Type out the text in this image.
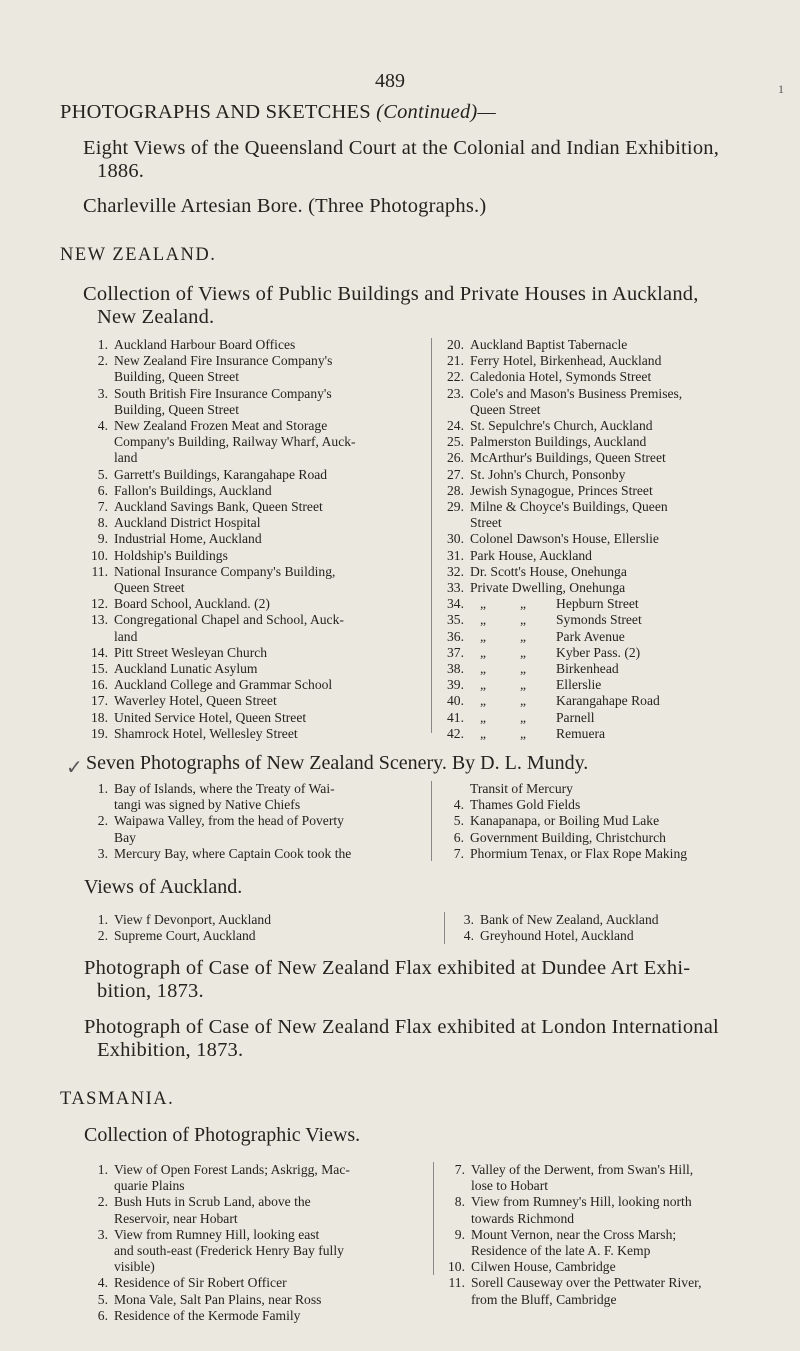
489	1
✓
PHOTOGRAPHS AND SKETCHES (Continued)—
Eight Views of the Queensland Court at the Colonial and Indian Exhibition,
1886.
Charleville Artesian Bore. (Three Photographs.)
NEW ZEALAND.
Collection of Views of Public Buildings and Private Houses in Auckland,
New Zealand.
1. Auckland Harbour Board Offices
2. New Zealand Fire Insurance Company's
Building, Queen Street
3. South British Fire Insurance Company's
Building, Queen Street
4. New Zealand Frozen Meat and Storage
Company's Building, Railway Wharf, Auck-
land
5. Garrett's Buildings, Karangahape Road
6. Fallon's Buildings, Auckland
7. Auckland Savings Bank, Queen Street
8. Auckland District Hospital
9. Industrial Home, Auckland
10. Holdship's Buildings
11. National Insurance Company's Building,
Queen Street
12. Board School, Auckland. (2)
13. Congregational Chapel and School, Auck-
land
14. Pitt Street Wesleyan Church
15. Auckland Lunatic Asylum
16. Auckland College and Grammar School
17. Waverley Hotel, Queen Street
18. United Service Hotel, Queen Street
19. Shamrock Hotel, Wellesley Street
20. Auckland Baptist Tabernacle
21. Ferry Hotel, Birkenhead, Auckland
22. Caledonia Hotel, Symonds Street
23. Cole's and Mason's Business Premises,
Queen Street
24. St. Sepulchre's Church, Auckland
25. Palmerston Buildings, Auckland
26. McArthur's Buildings, Queen Street
27. St. John's Church, Ponsonby
28. Jewish Synagogue, Princes Street
29. Milne & Choyce's Buildings, Queen
Street
30. Colonel Dawson's House, Ellerslie
31. Park House, Auckland
32. Dr. Scott's House, Onehunga
33. Private Dwelling, Onehunga
34.	„	„	Hepburn Street
35.	„	„	Symonds Street
36.	„	„	Park Avenue
37.	„	„	Kyber Pass. (2)
38.	„	„	Birkenhead
39.	„	„	Ellerslie
40.	„	„	Karangahape Road
41.	„	„	Parnell
42.	„	„	Remuera
Seven Photographs of New Zealand Scenery. By D. L. Mundy.
1. Bay of Islands, where the Treaty of Wai-
tangi was signed by Native Chiefs
2. Waipawa Valley, from the head of Poverty
Bay
3. Mercury Bay, where Captain Cook took the
Transit of Mercury
4. Thames Gold Fields
5. Kanapanapa, or Boiling Mud Lake
6. Government Building, Christchurch
7. Phormium Tenax, or Flax Rope Making
Views of Auckland.
1. View f Devonport, Auckland
2. Supreme Court, Auckland
3. Bank of New Zealand, Auckland
4. Greyhound Hotel, Auckland
Photograph of Case of New Zealand Flax exhibited at Dundee Art Exhi-
bition, 1873.
Photograph of Case of New Zealand Flax exhibited at London International
Exhibition, 1873.
TASMANIA.
Collection of Photographic Views.
1. View of Open Forest Lands; Askrigg, Mac-
quarie Plains
2. Bush Huts in Scrub Land, above the
Reservoir, near Hobart
3. View from Rumney Hill, looking east
and south-east (Frederick Henry Bay fully
visible)
4. Residence of Sir Robert Officer
5. Mona Vale, Salt Pan Plains, near Ross
6. Residence of the Kermode Family
7. Valley of the Derwent, from Swan's Hill,
lose to Hobart
8. View from Rumney's Hill, looking north
towards Richmond
9. Mount Vernon, near the Cross Marsh;
Residence of the late A. F. Kemp
10. Cilwen House, Cambridge
11. Sorell Causeway over the Pettwater River,
from the Bluff, Cambridge
